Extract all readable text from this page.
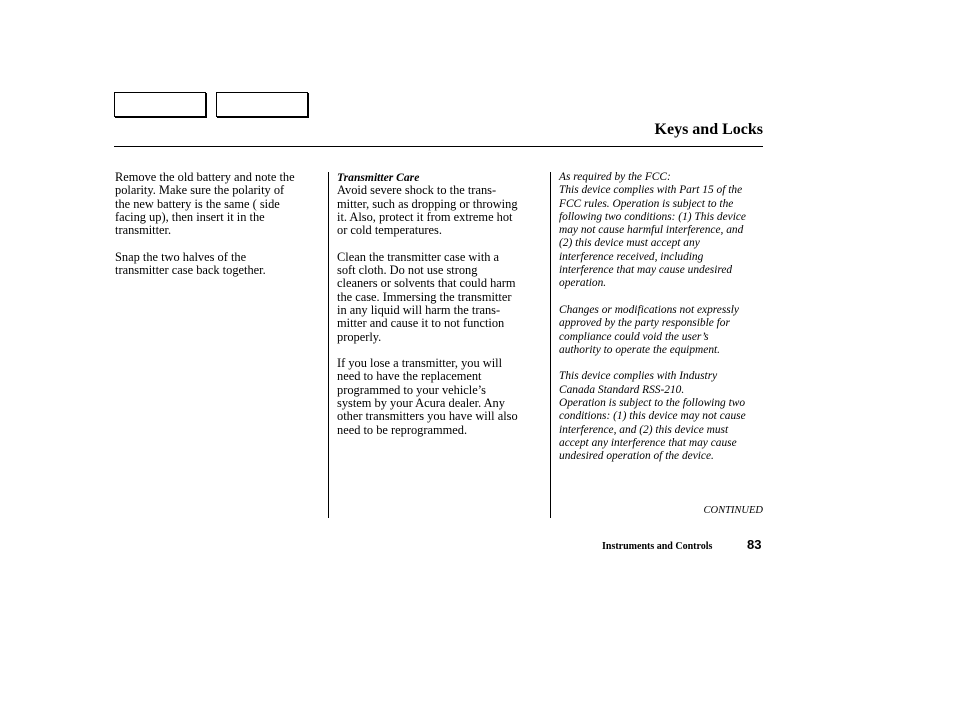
Keys and Locks

Remove the old battery and note the
polarity. Make sure the polarity of
the new battery is the same ( side
facing up), then insert it in the
transmitter.

Snap the two halves of the
transmitter case back together.

Transmitter Care

Avoid severe shock to the trans-
mitter, such as dropping or throwing
it. Also, protect it from extreme hot
or cold temperatures.

Clean the transmitter case with a
soft cloth. Do not use strong
cleaners or solvents that could harm
the case. Immersing the transmitter
in any liquid will harm the trans-
mitter and cause it to not function
properly.

If you lose a transmitter, you will
need to have the replacement
programmed to your vehicle’s
system by your Acura dealer. Any
other transmitters you have will also
need to be reprogrammed.

As required by the FCC:
This device complies with Part 15 of the
FCC rules. Operation is subject to the
following two conditions: (1) This device
may not cause harmful interference, and
(2) this device must accept any
interference received, including
interference that may cause undesired
operation.

Changes or modifications not expressly
approved by the party responsible for
compliance could void the user’s
authority to operate the equipment.

This device complies with Industry
Canada Standard RSS-210.
Operation is subject to the following two
conditions: (1) this device may not cause
interference, and (2) this device must
accept any interference that may cause
undesired operation of the device.

CONTINUED
Instruments and Controls	83
